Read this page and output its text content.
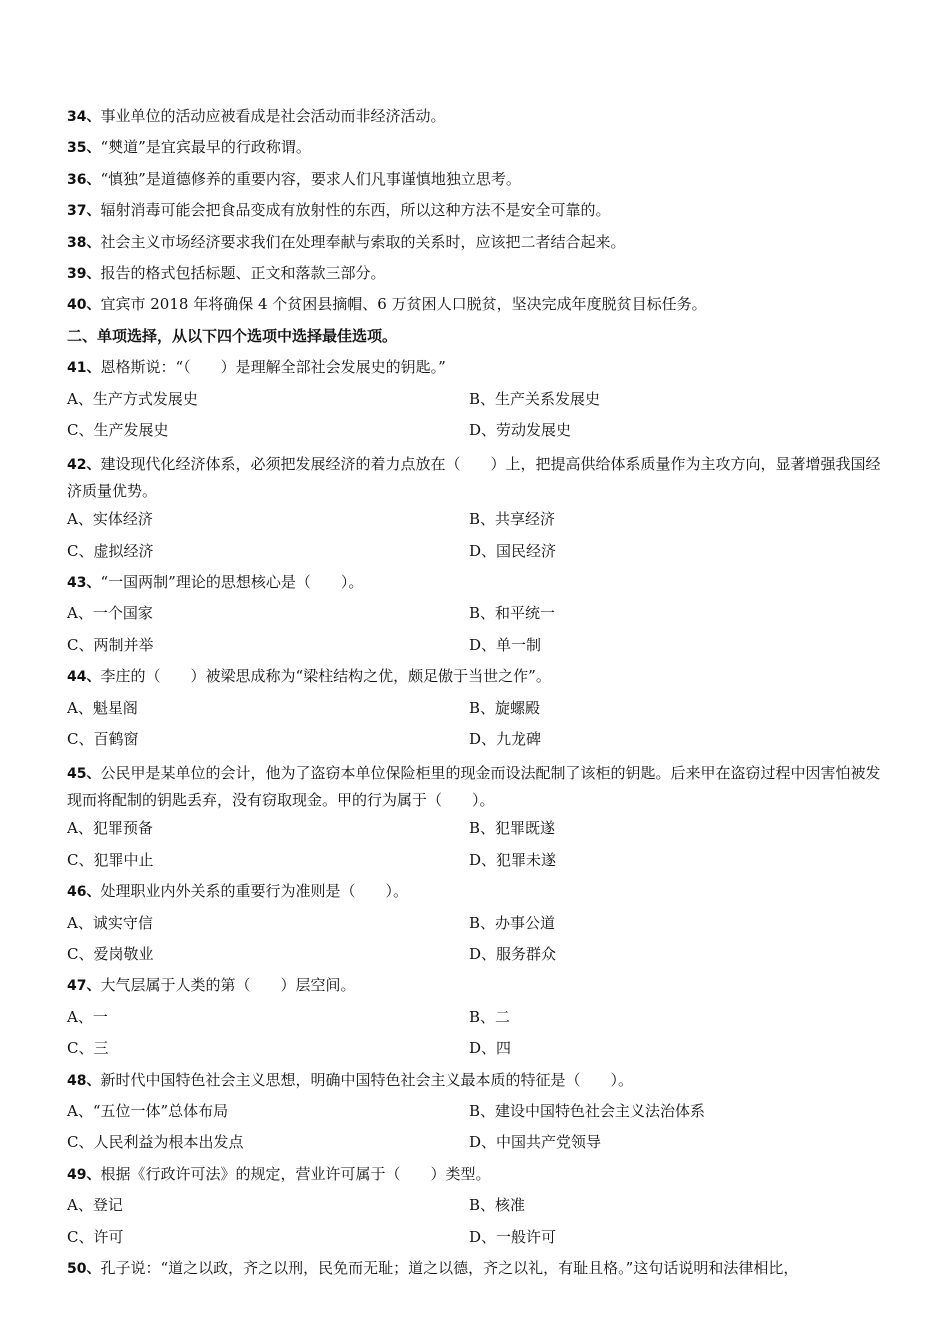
34、事业单位的活动应被看成是社会活动而非经济活动。
35、“僰道”是宜宾最早的行政称谓。
36、“慎独”是道德修养的重要内容，要求人们凡事谨慎地独立思考。
37、辐射消毒可能会把食品变成有放射性的东西，所以这种方法不是安全可靠的。
38、社会主义市场经济要求我们在处理奉献与索取的关系时，应该把二者结合起来。
39、报告的格式包括标题、正文和落款三部分。
40、宜宾市 2018 年将确保 4 个贫困县摘帽、6 万贫困人口脱贫，坚决完成年度脱贫目标任务。
二、单项选择，从以下四个选项中选择最佳选项。
41、恩格斯说：“（　　）是理解全部社会发展史的钥匙。”
A、生产方式发展史	B、生产关系发展史
C、生产发展史	D、劳动发展史
42、建设现代化经济体系，必须把发展经济的着力点放在（　　）上，把提高供给体系质量作为主攻方向，显著增强我国经济质量优势。
A、实体经济	B、共享经济
C、虚拟经济	D、国民经济
43、“一国两制”理论的思想核心是（　　）。
A、一个国家	B、和平统一
C、两制并举	D、单一制
44、李庄的（　　）被梁思成称为“梁柱结构之优，颇足傲于当世之作”。
A、魁星阁	B、旋螺殿
C、百鹤窗	D、九龙碑
45、公民甲是某单位的会计，他为了盗窃本单位保险柜里的现金而设法配制了该柜的钥匙。后来甲在盗窃过程中因害怕被发现而将配制的钥匙丢弃，没有窃取现金。甲的行为属于（　　）。
A、犯罪预备	B、犯罪既遂
C、犯罪中止	D、犯罪未遂
46、处理职业内外关系的重要行为准则是（　　）。
A、诚实守信	B、办事公道
C、爱岗敬业	D、服务群众
47、大气层属于人类的第（　　）层空间。
A、一	B、二
C、三	D、四
48、新时代中国特色社会主义思想，明确中国特色社会主义最本质的特征是（　　）。
A、“五位一体”总体布局	B、建设中国特色社会主义法治体系
C、人民利益为根本出发点	D、中国共产党领导
49、根据《行政许可法》的规定，营业许可属于（　　）类型。
A、登记	B、核准
C、许可	D、一般许可
50、孔子说：“道之以政，齐之以刑，民免而无耻；道之以德，齐之以礼，有耻且格。”这句话说明和法律相比，
